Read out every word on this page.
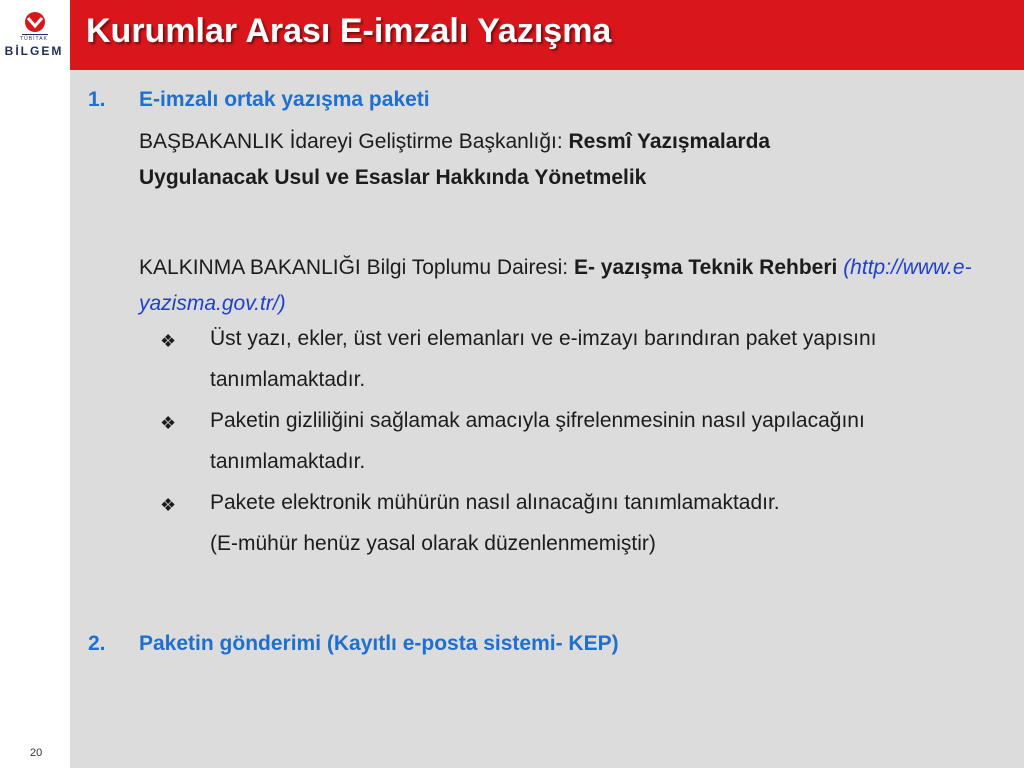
TÜBİTAK
BİLGEM
20
Kurumlar Arası E-imzalı Yazışma
1. E-imzalı ortak yazışma paketi
BAŞBAKANLIK İdareyi Geliştirme Başkanlığı: Resmî Yazışmalarda Uygulanacak Usul ve Esaslar Hakkında Yönetmelik
KALKINMA BAKANLIĞI Bilgi Toplumu Dairesi: E- yazışma Teknik Rehberi (http://www.e-yazisma.gov.tr/)
❖ Üst yazı, ekler, üst veri elemanları ve e-imzayı barındıran paket yapısını tanımlamaktadır.
❖ Paketin gizliliğini sağlamak amacıyla şifrelenmesinin nasıl yapılacağını tanımlamaktadır.
❖ Pakete elektronik mühürün nasıl alınacağını tanımlamaktadır. (E-mühür henüz yasal olarak düzenlenmemiştir)
2. Paketin gönderimi (Kayıtlı e-posta sistemi- KEP)
